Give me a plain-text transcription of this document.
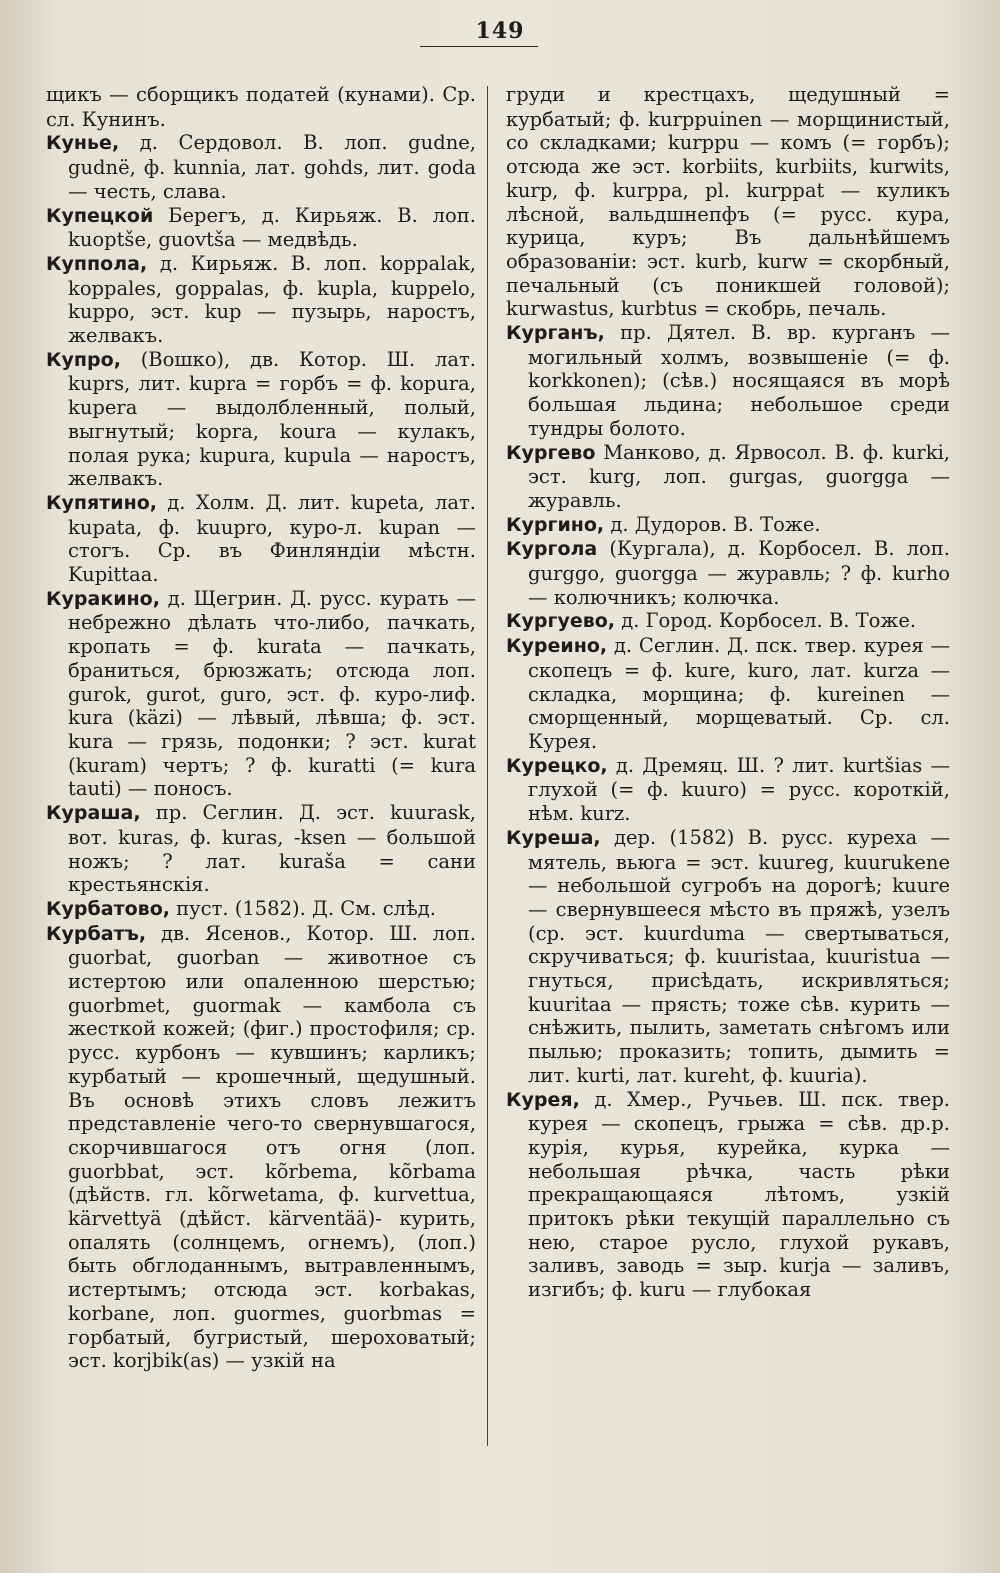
149

щикъ — сборщикъ податей (кунами). Ср. сл. Кунинъ.

Кунье, д. Сердовол. В. лоп. gudne, gudnë, ф. kunnia, лат. gohds, лит. goda — честь, слава.

Купецкой Берегъ, д. Кирьяж. В. лоп. kuoptše, guovtša — медвѣдь.

Куппола, д. Кирьяж. В. лоп. koppalak, koppales, goppalas, ф. kupla, kuppelo, kuppo, эст. kup — пузырь, наростъ, желвакъ.

Купро, (Вошко), дв. Котор. Ш. лат. kuprs, лит. kupra = горбъ = ф. kopura, kupera — выдолбленный, полый, выгнутый; kopra, koura — кулакъ, полая рука; kupura, kupula — наростъ, желвакъ.

Купятино, д. Холм. Д. лит. kupeta, лат. kupata, ф. kuupro, куро-л. kupan — стогъ. Ср. въ Финляндіи мѣстн. Kupittaa.

Куракино, д. Щегрин. Д. русс. курать — небрежно дѣлать что-либо, пачкать, кропать = ф. kurata — пачкать, браниться, брюзжать; отсюда лоп. gurok, gurot, guro, эст. ф. куро-лиф. kura (käzi) — лѣвый, лѣвша; ф. эст. kura — грязь, подонки; ? эст. kurat (kuram) чертъ; ? ф. kuratti (= kura tauti) — поносъ.

Кураша, пр. Сеглин. Д. эст. kuurask, вот. kuras, ф. kuras, -ksen — большой ножъ; ? лат. kuraša = сани крестьянскія.

Курбатово, пуст. (1582). Д. См. слѣд.

Курбатъ, дв. Ясенов., Котор. Ш. лоп. guorbat, guorban — животное съ истертою или опаленною шерстью; guorbmet, guormak — камбола съ жесткой кожей; (фиг.) простофиля; ср. русс. курбонъ — кувшинъ; карликъ; курбатый — крошечный, щедушный. Въ основѣ этихъ словъ лежитъ представленіе чего-то свернувшагося, скорчившагося отъ огня (лоп. guorbbat, эст. kõrbema, kõrbama (дѣйств. гл. kõrwetama, ф. kurvettua, kärvettyä (дѣйст. kärventää)- курить, опалять (солнцемъ, огнемъ), (лоп.) быть обглоданнымъ, вытравленнымъ, истертымъ; отсюда эст. korbakas, korbane, лоп. guormes, guorbmas = горбатый, бугристый, шероховатый; эст. korjbik(as) — узкій на

груди и крестцахъ, щедушный = курбатый; ф. kurppuinen — морщинистый, со складками; kurppu — комъ (= горбъ); отсюда же эст. korbiits, kurbiits, kurwits, kurp, ф. kurppa, pl. kurppat — куликъ лѣсной, вальдшнепфъ (= русс. кура, курица, куръ; Въ дальнѣйшемъ образованіи: эст. kurb, kurw = скорбный, печальный (съ поникшей головой); kurwastus, kurbtus = скобрь, печаль.

Курганъ, пр. Дятел. В. вр. курганъ — могильный холмъ, возвышеніе (= ф. korkkonen); (сѣв.) носящаяся въ морѣ большая льдина; небольшое среди тундры болото.

Кургево Манково, д. Ярвосол. В. ф. kurki, эст. kurg, лоп. gurgas, guorgga — журавль.

Кургино, д. Дудоров. В. Тоже.

Кургола (Кургала), д. Корбосел. В. лоп. gurggo, guorgga — журавль; ? ф. kurho — колючникъ; колючка.

Кургуево, д. Город. Корбосел. В. Тоже.

Куреино, д. Сеглин. Д. пск. твер. курея — скопецъ = ф. kure, kuro, лат. kurza — складка, морщина; ф. kureinen — сморщенный, морщеватый. Ср. сл. Курея.

Курецко, д. Дремяц. Ш. ? лит. kurtšias — глухой (= ф. kuuro) = русс. короткій, нѣм. kurz.

Куреша, дер. (1582) В. русс. куреха — мятель, вьюга = эст. kuureg, kuurukene — небольшой сугробъ на дорогѣ; kuure — свернувшееся мѣсто въ пряжѣ, узелъ (ср. эст. kuurduma — свертываться, скручиваться; ф. kuuristaa, kuuristua — гнуться, присѣдать, искривляться; kuuritaa — прясть; тоже сѣв. курить — снѣжить, пылить, заметать снѣгомъ или пылью; проказить; топить, дымить = лит. kurti, лат. kureht, ф. kuuria).

Курея, д. Хмер., Ручьев. Ш. пск. твер. курея — скопецъ, грыжа = сѣв. др.р. курія, курья, курейка, курка — небольшая рѣчка, часть рѣки прекращающаяся лѣтомъ, узкій притокъ рѣки текущій параллельно съ нею, старое русло, глухой рукавъ, заливъ, заводь = зыр. kurja — заливъ, изгибъ; ф. kuru — глубокая
